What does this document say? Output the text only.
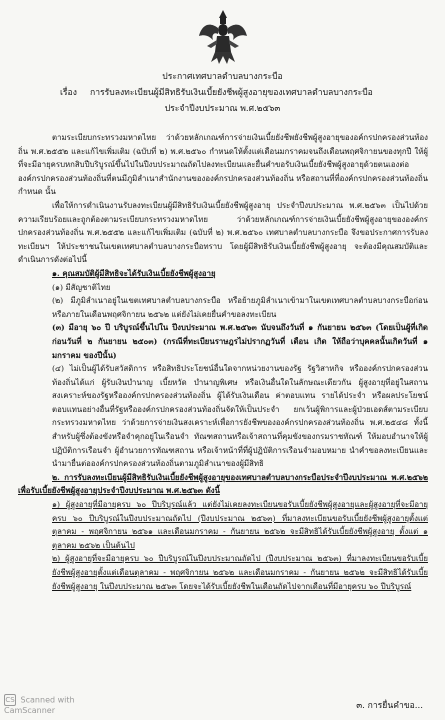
ประกาศเทศบาลตำบลบางกระบือ
เรื่อง การรับลงทะเบียนผู้มีสิทธิรับเงินเบี้ยยังชีพผู้สูงอายุของเทศบาลตำบลบางกระบือ
ประจำปีงบประมาณ พ.ศ.๒๕๖๓

ตามระเบียบกระทรวงมหาดไทย ว่าด้วยหลักเกณฑ์การจ่ายเงินเบี้ยยังชีพยังชีพผู้สูงอายุของอค์กรปกครองส่วนท้องถิ่น พ.ศ.๒๕๕๒ และแก้ไขเพิ่มเติม (ฉบับที่ ๒) พ.ศ.๒๕๖๐ กำหนดให้ตั้งแต่เดือนมกราคมจนถึงเดือนพฤศจิกายนของทุกปี ให้ผู้ที่จะมีอายุครบหกสิบปีบริบูรณ์ขึ้นไปในปีงบประมาณถัดไปลงทะเบียนและยื่นคำขอรับเงินเบี้ยยังชีพผู้สูงอายุด้วยตนเองต่อองค์กรปกครองส่วนท้องถิ่นที่ตนมีภูมิลำเนาสำนักงานขององค์กรปกครองส่วนท้องถิ่น หรือสถานที่ที่องค์กรปกครองส่วนท้องถิ่นกำหนด นั้น

เพื่อให้การดำเนินงานรับลงทะเบียนผู้มีสิทธิรับเงินเบี้ยยังชีพผู้สูงอายุ ประจำปีงบประมาณ พ.ศ.๒๕๖๓ เป็นไปด้วยความเรียบร้อยและถูกต้องตามระเบียบกระทรวงมหาดไทย ว่าด้วยหลักเกณฑ์การจ่ายเงินเบี้ยยังชีพผู้สูงอายุขององค์กรปกครองส่วนท้องถิ่น พ.ศ.๒๕๕๒ และแก้ไขเพิ่มเติม (ฉบับที่ ๒) พ.ศ.๒๕๖๐ เทศบาลตำบลบางกระบือ จึงขอประกาศการรับลงทะเบียนฯ ให้ประชาชนในเขตเทศบาลตำบลบางกระบือทราบ โดยผู้มีสิทธิรับเงินเบี้ยยังชีพผู้สูงอายุ จะต้องมีคุณสมบัติและดำเนินการดังต่อไปนี้

๑. คุณสมบัติผู้มีสิทธิจะได้รับเงินเบี้ยยังชีพผู้สูงอายุ

(๑) มีสัญชาติไทย

(๒) มีภูมิลำเนาอยู่ในเขตเทศบาลตำบลบางกระบือ หรือย้ายภูมิลำเนาเข้ามาในเขตเทศบาลตำบลบางกระบือก่อนหรือภายในเดือนพฤศจิกายน ๒๕๖๒ แต่ยังไม่เคยยื่นคำขอลงทะเบียน

(๓) มีอายุ ๖๐ ปี บริบูรณ์ขึ้นไปใน ปีงบประมาณ พ.ศ.๒๕๖๓ นับจนถึงวันที่ ๑ กันยายน ๒๕๖๓ (โดยเป็นผู้ที่เกิดก่อนวันที่ ๒ กันยายน ๒๕๐๓) (กรณีที่ทะเบียนราษฎรไม่ปรากฏวันที่ เดือน เกิด ให้ถือว่าบุคคลนั้นเกิดวันที่ ๑ มกราคม ของปีนั้น)

(๔) ไม่เป็นผู้ได้รับสวัสดิการ หรือสิทธิประโยชน์อื่นใดจากหน่วยงานของรัฐ รัฐวิสาหกิจ หรือองค์กรปกครองส่วนท้องถิ่นได้แก่ ผู้รับเงินบำนาญ เบี้ยหวัด บำนาญพิเศษ หรือเงินอื่นใดในลักษณะเดียวกัน ผู้สูงอายุที่อยู่ในสถานสงเคราะห์ของรัฐหรือองค์กรปกครองส่วนท้องถิ่น ผู้ได้รับเงินเดือน ค่าตอบแทน รายได้ประจำ หรือผลประโยชน์ตอบแทนอย่างอื่นที่รัฐหรือองค์กรปกครองส่วนท้องถิ่นจัดให้เป็นประจำ ยกเว้นผู้พิการและผู้ป่วยเอดส์ตามระเบียบกระทรวงมหาดไทย ว่าด้วยการจ่ายเงินสงเคราะห์เพื่อการยังชีพขององค์กรปกครองส่วนท้องถิ่น พ.ศ.๒๕๔๘ ทั้งนี้ สำหรับผู้ซึ่งต้องขังหรือจำคุกอยู่ในเรือนจำ ทัณฑสถานหรือเจ้าสถานที่คุมขังของกรมราชทัณฑ์ ให้มอบอำนาจให้ผู้ปฏิบัติการเรือนจำ ผู้อำนวยการทัณฑสถาน หรือเจ้าหน้าที่ที่ผู้ปฏิบัติการเรือนจำมอบหมาย นำคำขอลงทะเบียนและนำมายื่นต่อองค์กรปกครองส่วนท้องถิ่นตามภูมิลำเนาของผู้มีสิทธิ

๒. การรับลงทะเบียนผู้มีสิทธิรับเงินเบี้ยยังชีพผู้สูงอายุของเทศบาลตำบลบางกระบือประจำปีงบประมาณ พ.ศ.๒๕๖๒ เพื่อรับเบี้ยยังชีพผู้สูงอายุประจำปีงบประมาณ พ.ศ.๒๕๖๓ ดังนี้

๑) ผู้สูงอายุที่มีอายุครบ ๖๐ ปีบริบูรณ์แล้ว แต่ยังไม่เคยลงทะเบียนขอรับเบี้ยยังชีพผู้สูงอายุและผู้สูงอายุที่จะมีอายุครบ ๖๐ ปีบริบูรณ์ในปีงบประมาณถัดไป (ปีงบประมาณ ๒๕๖๓) ที่มาลงทะเบียนขอรับเบี้ยยังชีพผู้สูงอายุตั้งแต่ตุลาคม - พฤศจิกายน ๒๕๖๑ และเดือนมกราคม - กันยายน ๒๕๖๒ จะมีสิทธิได้รับเบี้ยยังชีพผู้สูงอายุ ตั้งแต่ ๑ ตุลาคม ๒๕๖๒ เป็นต้นไป

๒) ผู้สูงอายุที่จะมีอายุครบ ๖๐ ปีบริบูรณ์ในปีงบประมาณถัดไป (ปีงบประมาณ ๒๕๖๓) ที่มาลงทะเบียนขอรับเบี้ยยังชีพผู้สูงอายุตั้งแต่เดือนตุลาคม - พฤศจิกายน ๒๕๖๒ และเดือนมกราคม - กันยายน ๒๕๖๒ จะมีสิทธิได้รับเบี้ยยังชีพผู้สูงอายุ ในปีงบประมาณ ๒๕๖๓ โดยจะได้รับเบี้ยยังชีพในเดือนถัดไปจากเดือนที่มีอายุครบ ๖๐ ปีบริบูรณ์

๓. การยื่นคำขอ...
CS Scanned with
CamScanner
